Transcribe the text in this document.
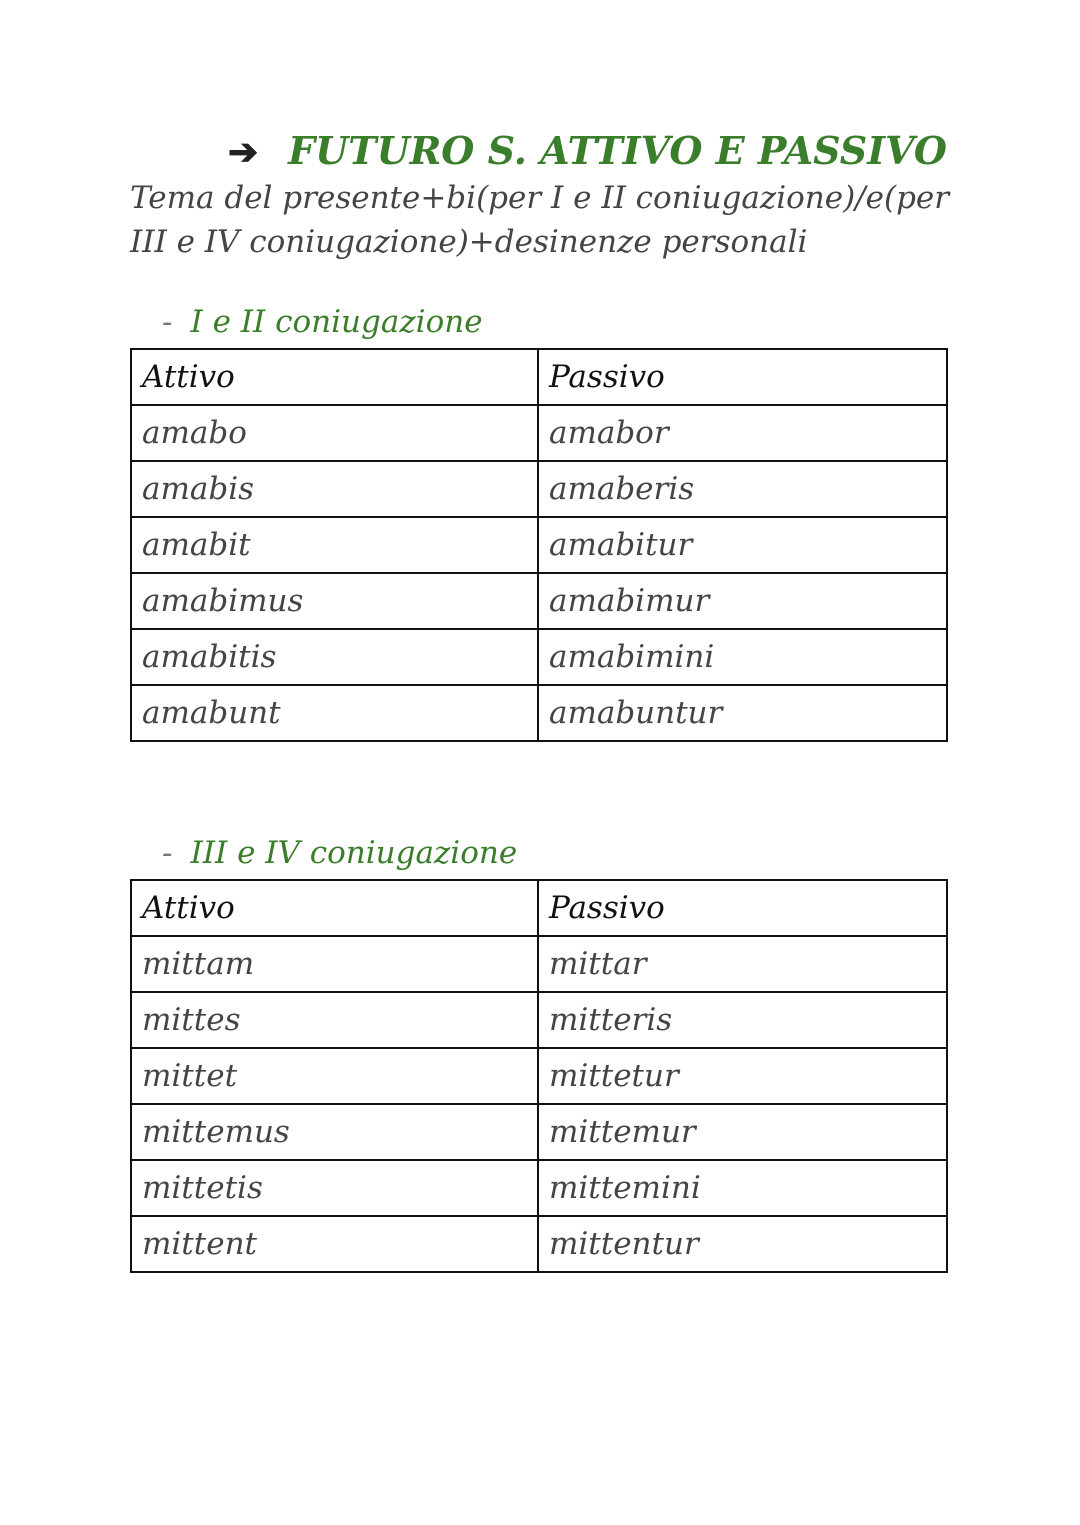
➔ FUTURO S. ATTIVO E PASSIVO

Tema del presente+bi(per I e II coniugazione)/e(per III e IV coniugazione)+desinenze personali

- I e II coniugazione
Attivo	Passivo
amabo	amabor
amabis	amaberis
amabit	amabitur
amabimus	amabimur
amabitis	amabimini
amabunt	amabuntur
- III e IV coniugazione
Attivo	Passivo
mittam	mittar
mittes	mitteris
mittet	mittetur
mittemus	mittemur
mittetis	mittemini
mittent	mittentur
